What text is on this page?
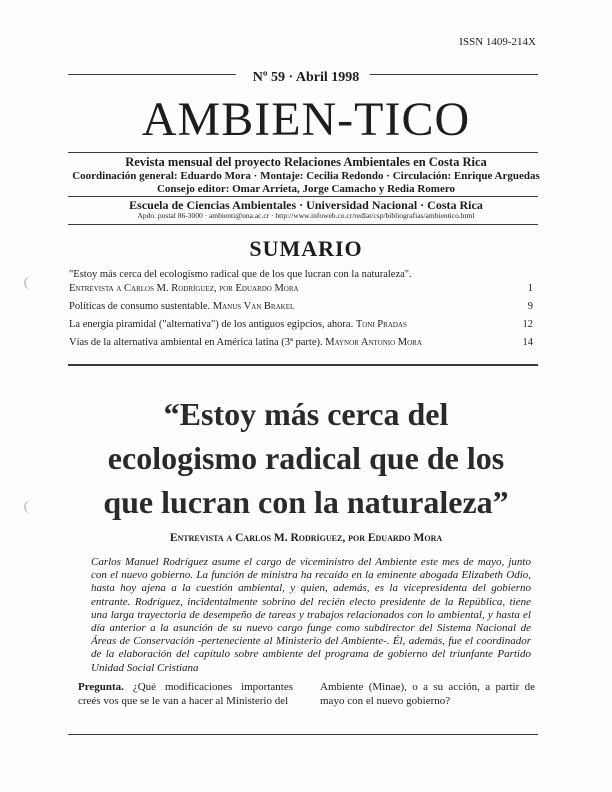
ISSN 1409-214X
Nº 59 · Abril 1998
AMBIEN-TICO
Revista mensual del proyecto Relaciones Ambientales en Costa Rica
Coordinación general: Eduardo Mora · Montaje: Cecilia Redondo · Circulación: Enrique Arguedas
Consejo editor: Omar Arrieta, Jorge Camacho y Redia Romero
Escuela de Ciencias Ambientales · Universidad Nacional · Costa Rica
Apdo. postal 86-3000 · ambienti@una.ac.cr · http://www.infoweb.co.cr/redlat/csp/bibliografias/ambientico.html
SUMARIO
"Estoy más cerca del ecologismo radical que de los que lucran con la naturaleza".
Entrevista a Carlos M. Rodríguez, por Eduardo Mora	1
Políticas de consumo sustentable. Manus Van Brakel	9
La energía piramidal ("alternativa") de los antiguos egipcios, ahora. Toni Pradas	12
Vías de la alternativa ambiental en América latina (3ª parte). Maynor Antonio Mora	14
“Estoy más cerca del
ecologismo radical que de los
que lucran con la naturaleza”
Entrevista a Carlos M. Rodríguez, por Eduardo Mora
Carlos Manuel Rodríguez asume el cargo de viceministro del Ambiente este mes de mayo, junto con el nuevo gobierno. La función de ministra ha recaído en la eminente abogada Elizabeth Odio, hasta hoy ajena a la cuestión ambiental, y quien, además, es la vicepresidenta del gobierno entrante. Rodríguez, incidentalmente sobrino del recién electo presidente de la República, tiene una larga trayectoria de desempeño de tareas y trabajos relacionados con lo ambiental, y hasta el día anterior a la asunción de su nuevo cargo funge como subdirector del Sistema Nacional de Áreas de Conservación -perteneciente al Ministerio del Ambiente-. Él, además, fue el coordinador de la elaboración del capítulo sobre ambiente del programa de gobierno del triunfante Partido Unidad Social Cristiana
Pregunta. ¿Qué modificaciones importantes creés vos que se le van a hacer al Ministerio del
Ambiente (Minae), o a su acción, a partir de mayo con el nuevo gobierno?
